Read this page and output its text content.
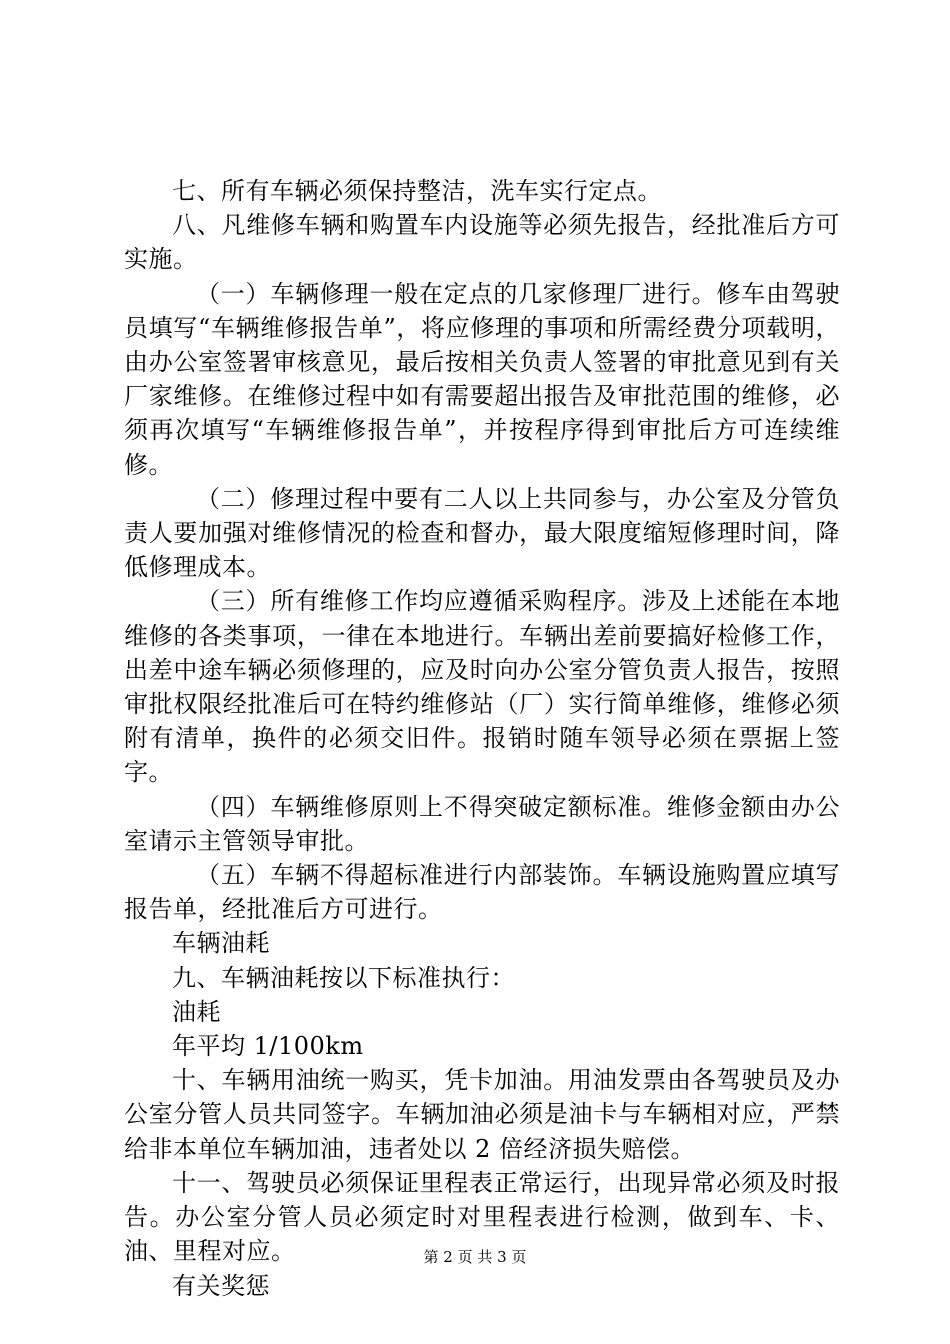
七、所有车辆必须保持整洁，洗车实行定点。

八、凡维修车辆和购置车内设施等必须先报告，经批准后方可实施。

（一）车辆修理一般在定点的几家修理厂进行。修车由驾驶员填写“车辆维修报告单”，将应修理的事项和所需经费分项载明，由办公室签署审核意见，最后按相关负责人签署的审批意见到有关厂家维修。在维修过程中如有需要超出报告及审批范围的维修，必须再次填写“车辆维修报告单”，并按程序得到审批后方可连续维修。

（二）修理过程中要有二人以上共同参与，办公室及分管负责人要加强对维修情况的检查和督办，最大限度缩短修理时间，降低修理成本。

（三）所有维修工作均应遵循采购程序。涉及上述能在本地维修的各类事项，一律在本地进行。车辆出差前要搞好检修工作，出差中途车辆必须修理的，应及时向办公室分管负责人报告，按照审批权限经批准后可在特约维修站（厂）实行简单维修，维修必须附有清单，换件的必须交旧件。报销时随车领导必须在票据上签字。

（四）车辆维修原则上不得突破定额标准。维修金额由办公室请示主管领导审批。

（五）车辆不得超标准进行内部装饰。车辆设施购置应填写报告单，经批准后方可进行。

车辆油耗

九、车辆油耗按以下标准执行：

油耗

年平均 1/100km

十、车辆用油统一购买，凭卡加油。用油发票由各驾驶员及办公室分管人员共同签字。车辆加油必须是油卡与车辆相对应，严禁给非本单位车辆加油，违者处以 2 倍经济损失赔偿。

十一、驾驶员必须保证里程表正常运行，出现异常必须及时报告。办公室分管人员必须定时对里程表进行检测，做到车、卡、油、里程对应。

有关奖惩

第 2 页 共 3 页
